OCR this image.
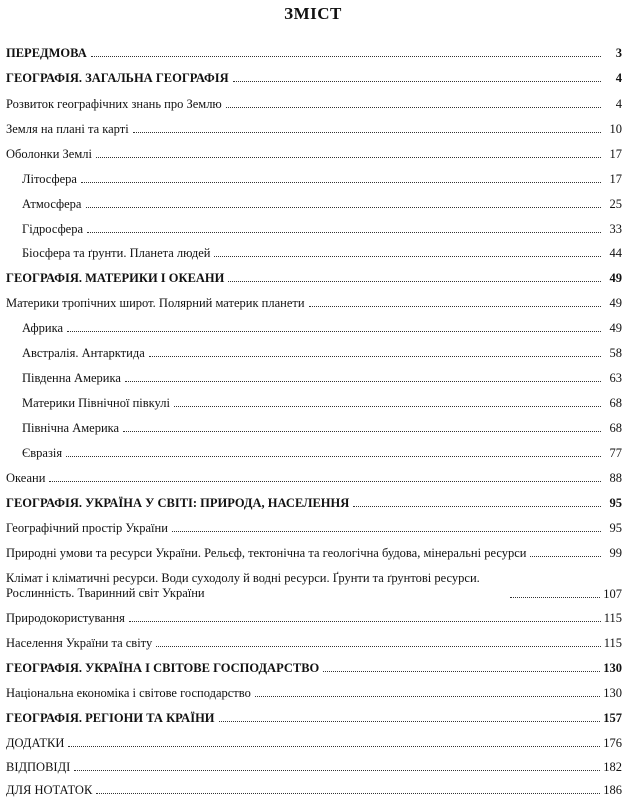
ЗМІСТ
ПЕРЕДМОВА	3
ГЕОГРАФІЯ. ЗАГАЛЬНА ГЕОГРАФІЯ	4
Розвиток географічних знань про Землю	4
Земля на плані та карті	10
Оболонки Землі	17
Літосфера	17
Атмосфера	25
Гідросфера	33
Біосфера та ґрунти. Планета людей	44
ГЕОГРАФІЯ. МАТЕРИКИ І ОКЕАНИ	49
Материки тропічних широт. Полярний материк планети	49
Африка	49
Австралія. Антарктида	58
Південна Америка	63
Материки Північної півкулі	68
Північна Америка	68
Євразія	77
Океани	88
ГЕОГРАФІЯ. УКРАЇНА У СВІТІ: ПРИРОДА, НАСЕЛЕННЯ	95
Географічний простір України	95
Природні умови та ресурси України. Рельєф, тектонічна та геологічна будова, мінеральні ресурси	99
Клімат і кліматичні ресурси. Води суходолу й водні ресурси. Ґрунти та ґрунтові ресурси. Рослинність. Тваринний світ України	107
Природокористування	115
Населення України та світу	115
ГЕОГРАФІЯ. УКРАЇНА І СВІТОВЕ ГОСПОДАРСТВО	130
Національна економіка і світове господарство	130
ГЕОГРАФІЯ. РЕГІОНИ ТА КРАЇНИ	157
ДОДАТКИ	176
ВІДПОВІДІ	182
ДЛЯ НОТАТОК	186
